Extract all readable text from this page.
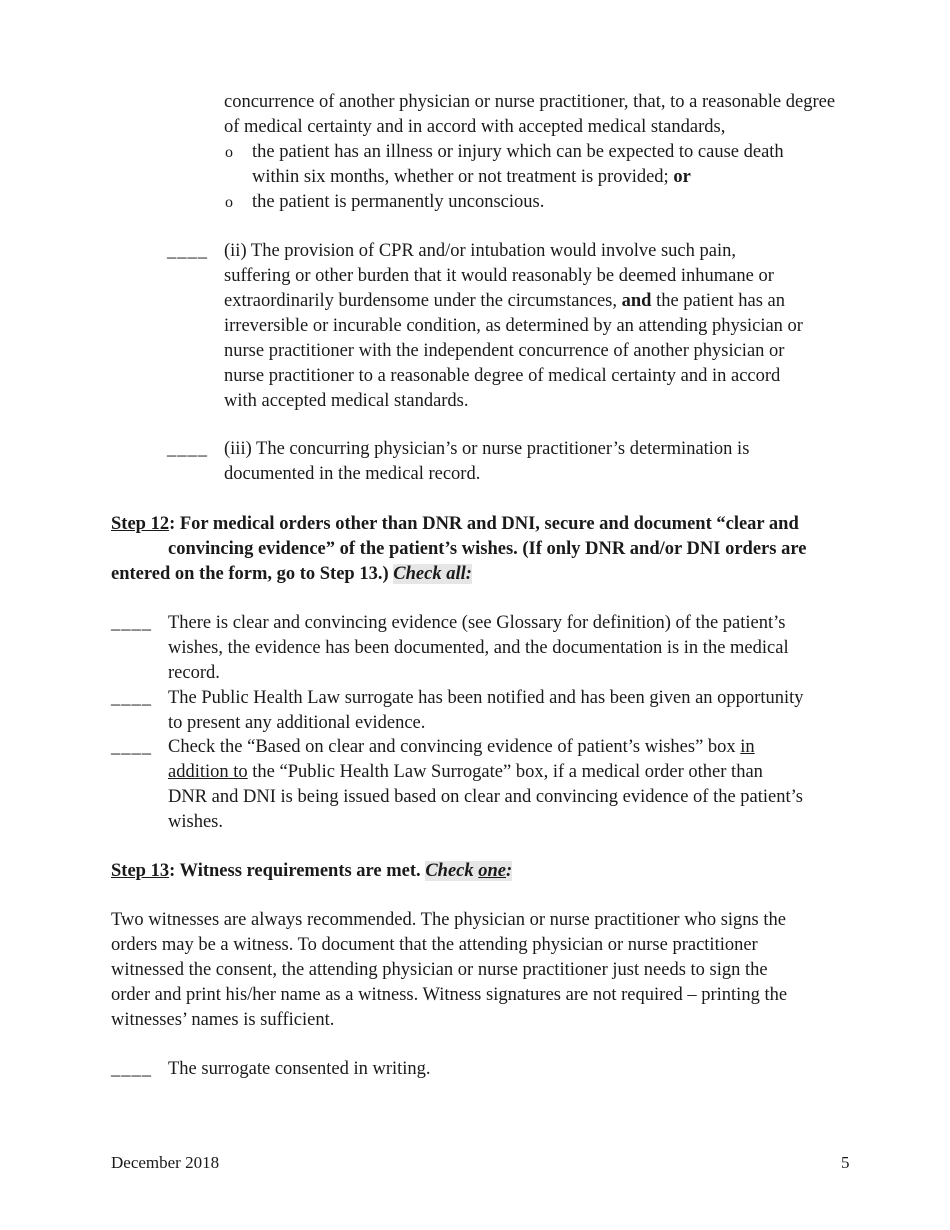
concurrence of another physician or nurse practitioner, that, to a reasonable degree

of medical certainty and in accord with accepted medical standards,

o the patient has an illness or injury which can be expected to cause death

within six months, whether or not treatment is provided; or

o the patient is permanently unconscious.

____ (ii) The provision of CPR and/or intubation would involve such pain,

suffering or other burden that it would reasonably be deemed inhumane or

extraordinarily burdensome under the circumstances, and the patient has an

irreversible or incurable condition, as determined by an attending physician or

nurse practitioner with the independent concurrence of another physician or

nurse practitioner to a reasonable degree of medical certainty and in accord

with accepted medical standards.

____ (iii) The concurring physician’s or nurse practitioner’s determination is

documented in the medical record.

Step 12: For medical orders other than DNR and DNI, secure and document “clear and

convincing evidence” of the patient’s wishes. (If only DNR and/or DNI orders are

entered on the form, go to Step 13.) Check all:

____ There is clear and convincing evidence (see Glossary for definition) of the patient’s

wishes, the evidence has been documented, and the documentation is in the medical

record.

____ The Public Health Law surrogate has been notified and has been given an opportunity

to present any additional evidence.

____ Check the “Based on clear and convincing evidence of patient’s wishes” box in

addition to the “Public Health Law Surrogate” box, if a medical order other than

DNR and DNI is being issued based on clear and convincing evidence of the patient’s

wishes.

Step 13: Witness requirements are met. Check one:

Two witnesses are always recommended. The physician or nurse practitioner who signs the

orders may be a witness. To document that the attending physician or nurse practitioner

witnessed the consent, the attending physician or nurse practitioner just needs to sign the

order and print his/her name as a witness. Witness signatures are not required – printing the

witnesses’ names is sufficient.

____ The surrogate consented in writing.

December 2018	5
